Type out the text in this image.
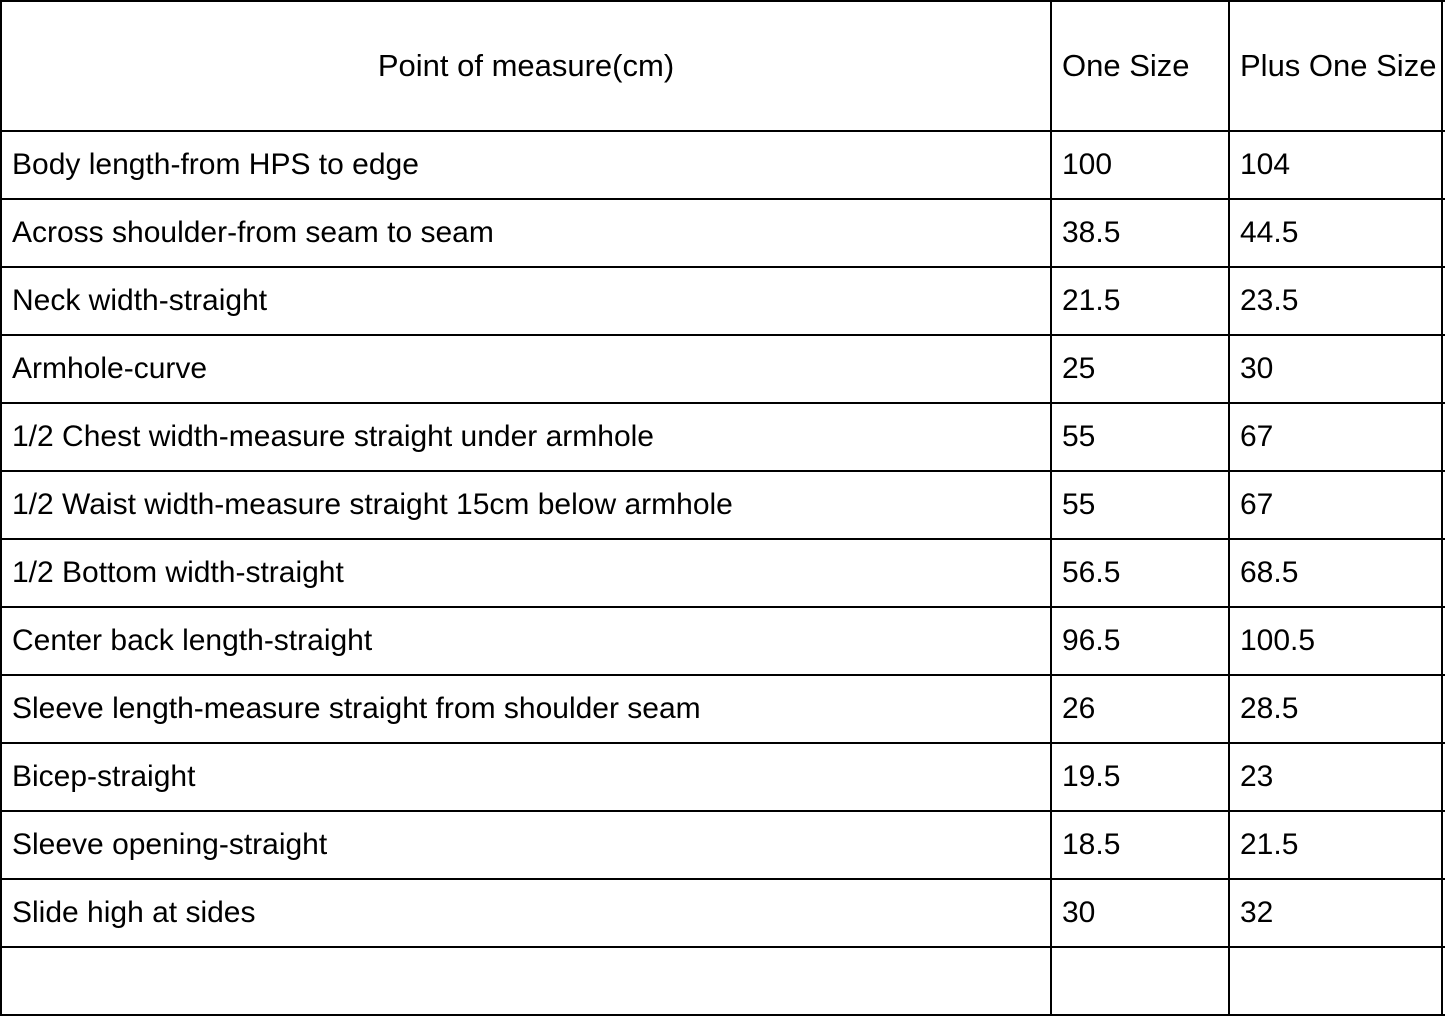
Point of measure(cm)	One Size	Plus One Size	
Body length-from HPS to edge	100	104	
Across shoulder-from seam to seam	38.5	44.5	
Neck width-straight	21.5	23.5	
Armhole-curve	25	30	
1/2 Chest width-measure straight under armhole	55	67	
1/2 Waist width-measure straight 15cm below armhole	55	67	
1/2 Bottom width-straight	56.5	68.5	
Center back length-straight	96.5	100.5	
Sleeve length-measure straight from shoulder seam	26	28.5	
Bicep-straight	19.5	23	
Sleeve opening-straight	18.5	21.5	
Slide high at sides	30	32	
